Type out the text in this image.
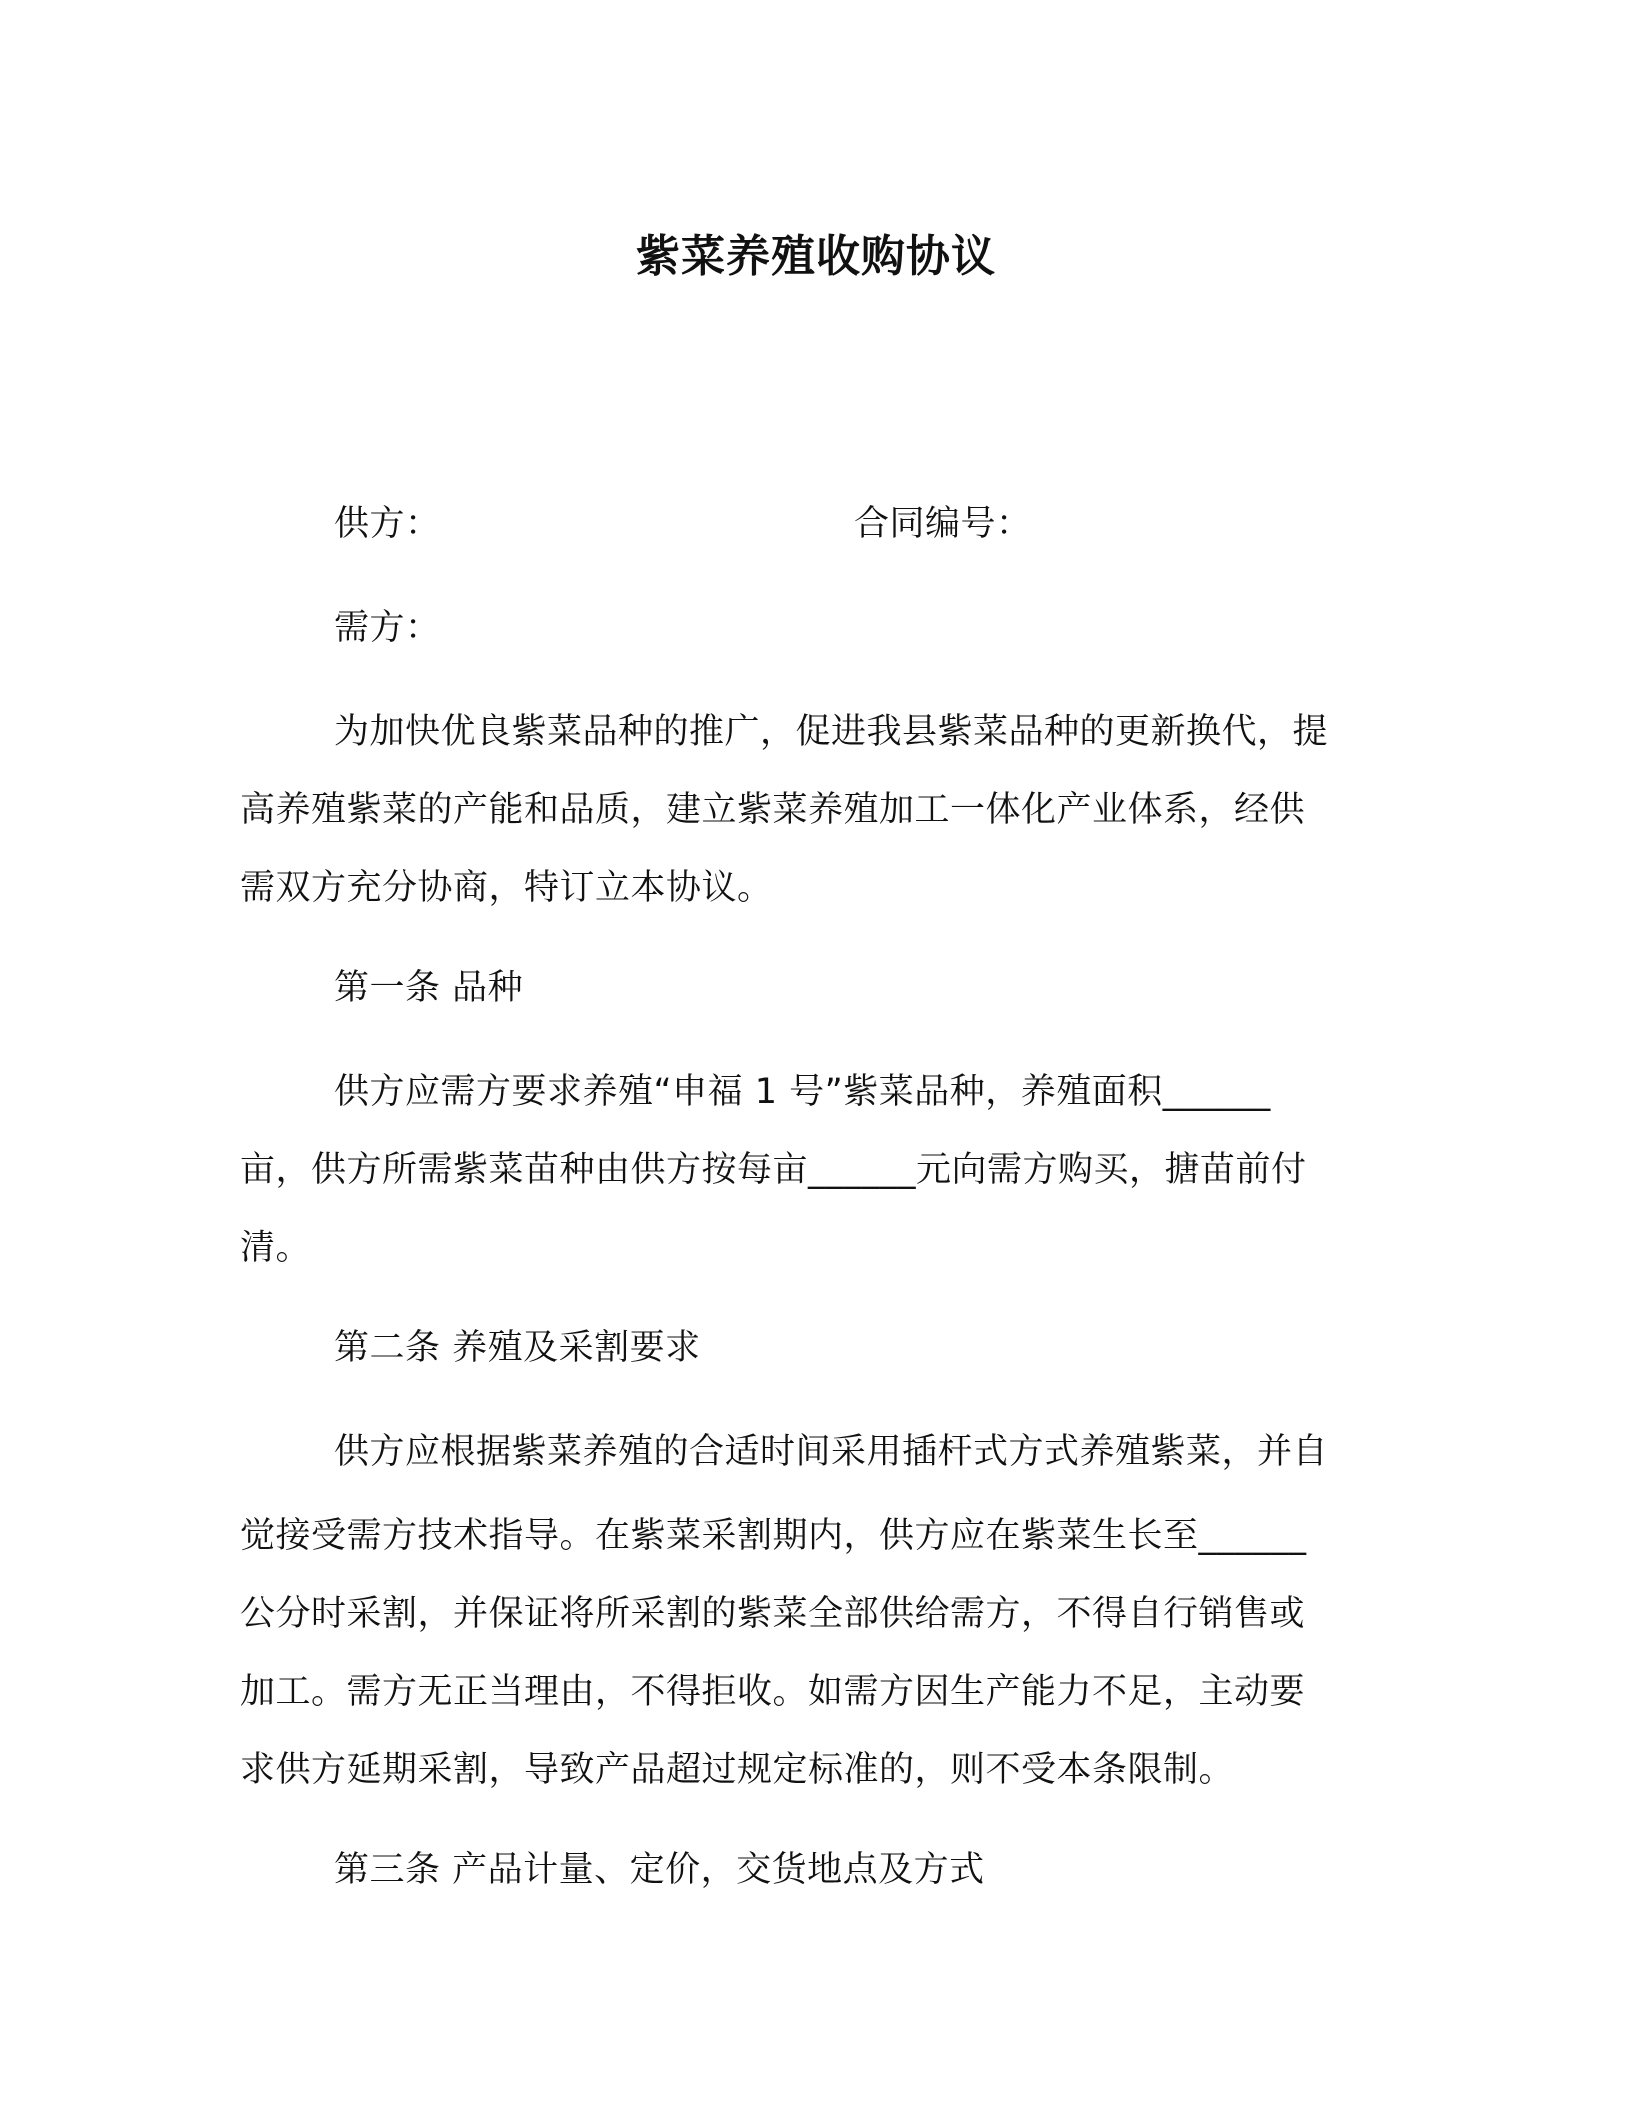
紫菜养殖收购协议
供方：	合同编号：
需方：
为加快优良紫菜品种的推广，促进我县紫菜品种的更新换代，提
高养殖紫菜的产能和品质，建立紫菜养殖加工一体化产业体系，经供
需双方充分协商，特订立本协议。
第一条 品种
供方应需方要求养殖“申福 1 号”紫菜品种，养殖面积______
亩，供方所需紫菜苗种由供方按每亩______元向需方购买，搪苗前付
清。
第二条 养殖及采割要求
供方应根据紫菜养殖的合适时间采用插杆式方式养殖紫菜，并自
觉接受需方技术指导。在紫菜采割期内，供方应在紫菜生长至______
公分时采割，并保证将所采割的紫菜全部供给需方，不得自行销售或
加工。需方无正当理由，不得拒收。如需方因生产能力不足，主动要
求供方延期采割，导致产品超过规定标准的，则不受本条限制。
第三条 产品计量、定价，交货地点及方式
